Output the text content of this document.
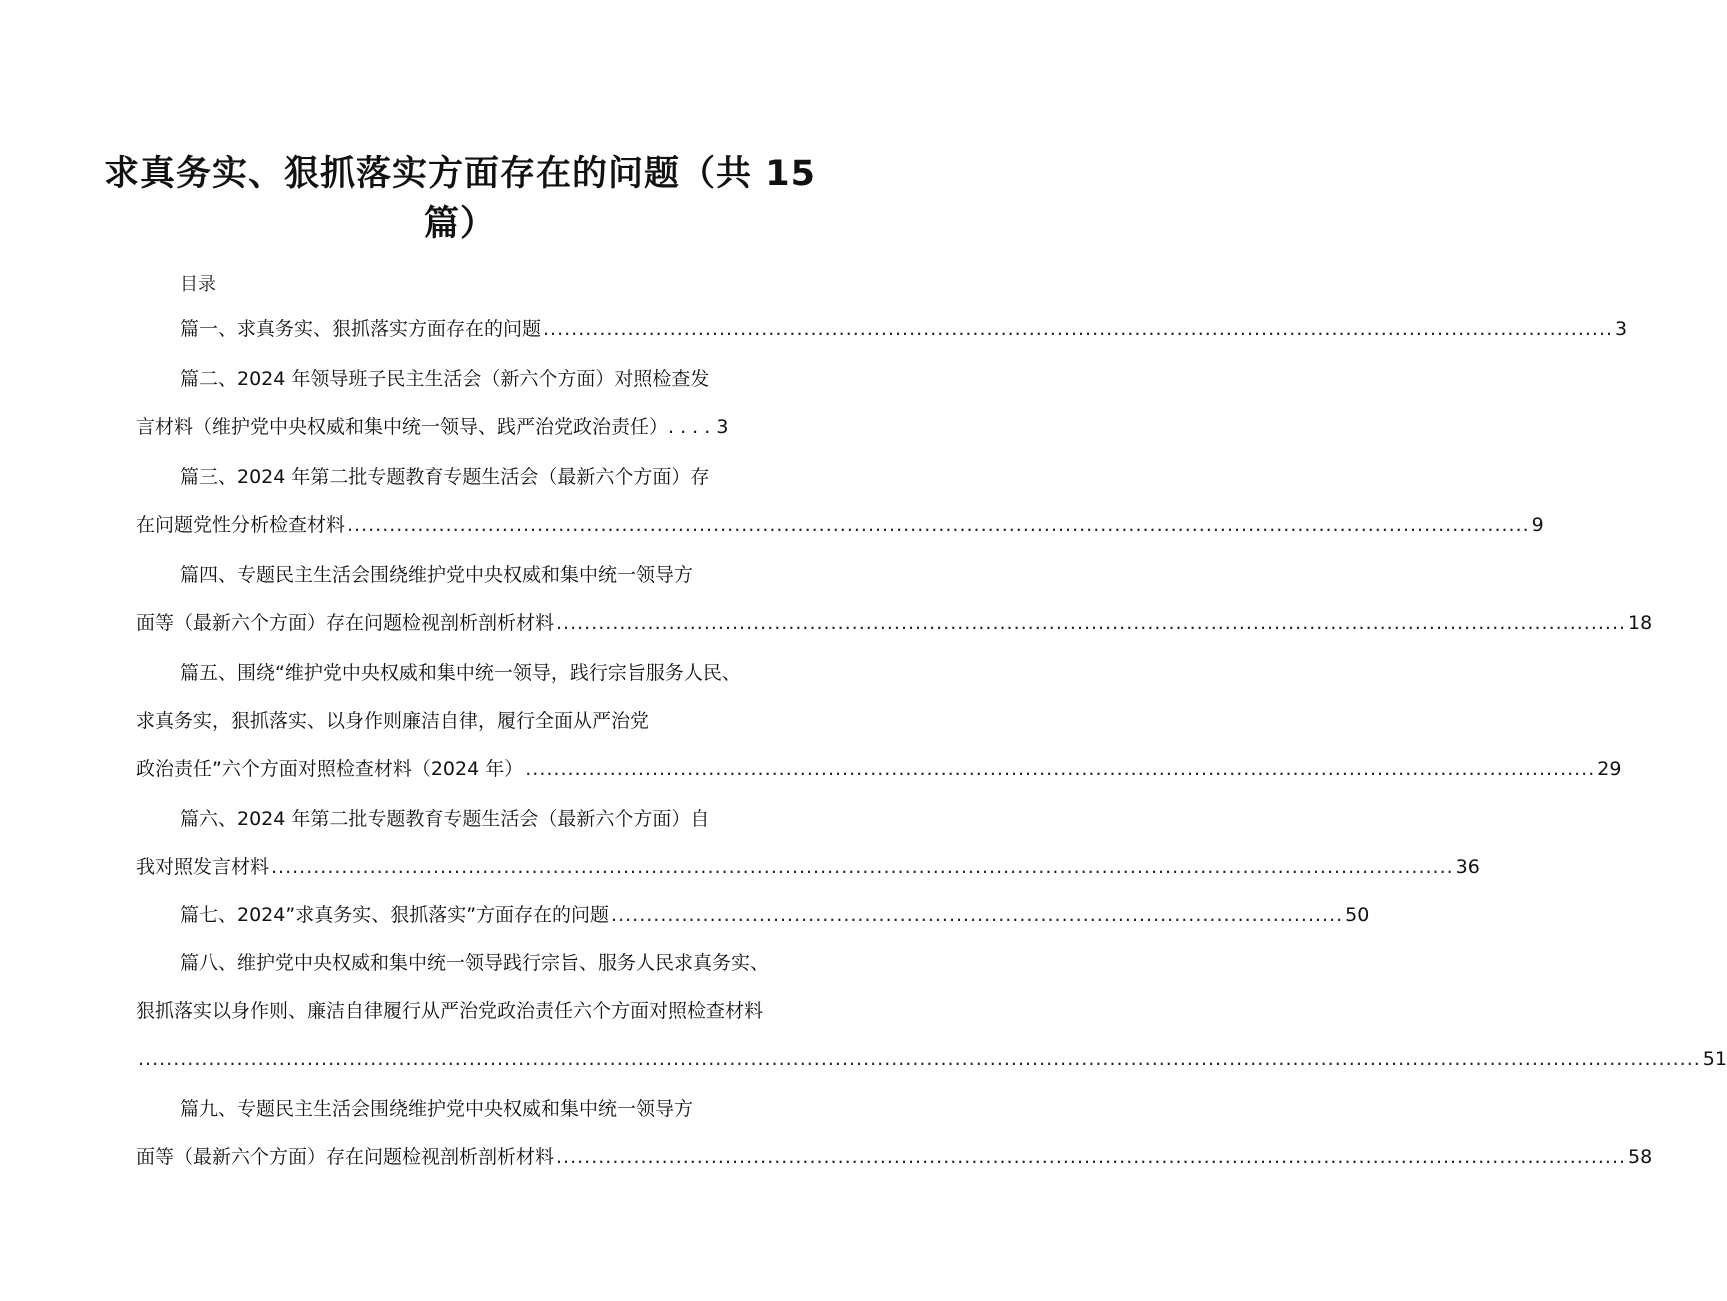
求真务实、狠抓落实方面存在的问题（共 15
篇）
目录
篇一、求真务实、狠抓落实方面存在的问题 ........................................................................................................................................................ 3
篇二、2024 年领导班子民主生活会（新六个方面）对照检查发
言材料（维护党中央权威和集中统一领导、践严治党政治责任）. . . . 3
篇三、2024 年第二批专题教育专题生活会（最新六个方面）存
在问题党性分析检查材料 ........................................................................................................................................................................ 9
篇四、专题民主生活会围绕维护党中央权威和集中统一领导方
面等（最新六个方面）存在问题检视剖析剖析材料 ........................................................................................................................................................ 18
篇五、围绕“维护党中央权威和集中统一领导，践行宗旨服务人民、
求真务实，狠抓落实、以身作则廉洁自律，履行全面从严治党
政治责任”六个方面对照检查材料（2024 年） ........................................................................................................................................................ 29
篇六、2024 年第二批专题教育专题生活会（最新六个方面）自
我对照发言材料 ........................................................................................................................................................................ 36
篇七、2024”求真务实、狠抓落实”方面存在的问题 ........................................................................................................ 50
篇八、维护党中央权威和集中统一领导践行宗旨、服务人民求真务实、
狠抓落实以身作则、廉洁自律履行从严治党政治责任六个方面对照检查材料
.............................................................................................................................................................................................................................. 51
篇九、专题民主生活会围绕维护党中央权威和集中统一领导方
面等（最新六个方面）存在问题检视剖析剖析材料 ........................................................................................................................................................ 58
